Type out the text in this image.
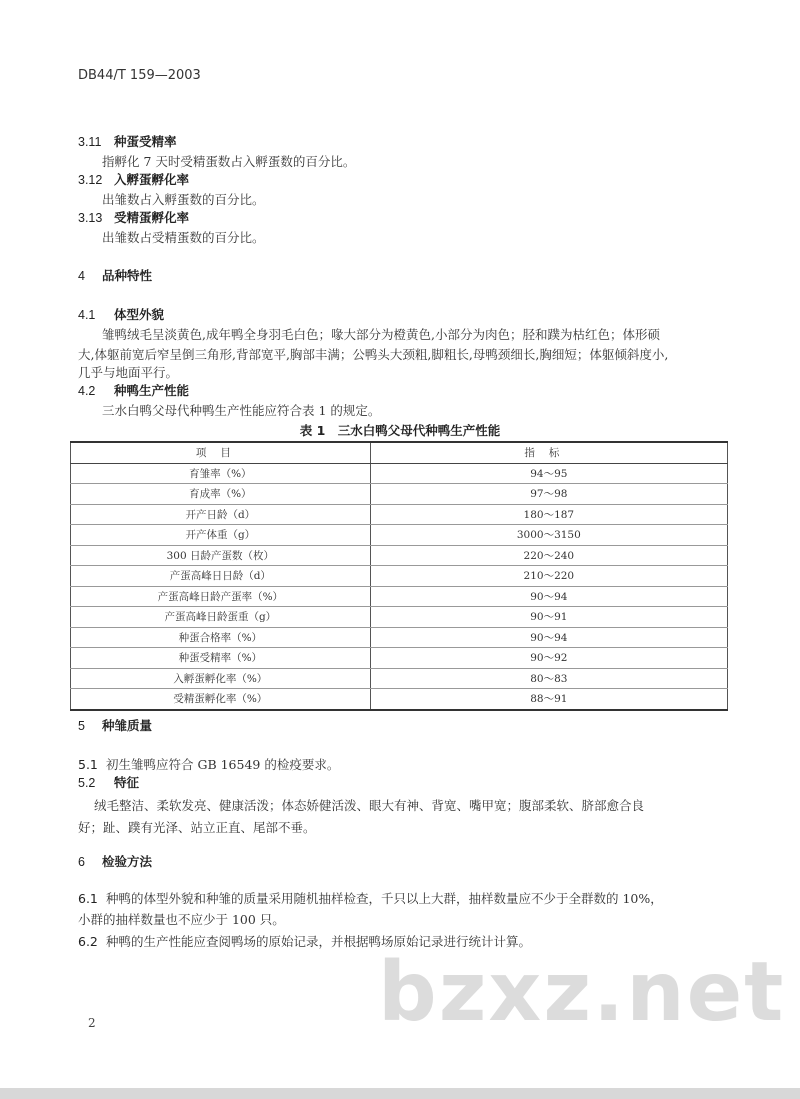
DB44/T 159—2003
3.11 种蛋受精率
指孵化 7 天时受精蛋数占入孵蛋数的百分比。
3.12 入孵蛋孵化率
出雏数占入孵蛋数的百分比。
3.13 受精蛋孵化率
出雏数占受精蛋数的百分比。
4 品种特性
4.1 体型外貌
雏鸭绒毛呈淡黄色,成年鸭全身羽毛白色；喙大部分为橙黄色,小部分为肉色；胫和蹼为枯红色；体形硕
大,体躯前宽后窄呈倒三角形,背部宽平,胸部丰满；公鸭头大颈粗,脚粗长,母鸭颈细长,胸细短；体躯倾斜度小,
几乎与地面平行。
4.2 种鸭生产性能
三水白鸭父母代种鸭生产性能应符合表 1 的规定。
表 1　三水白鸭父母代种鸭生产性能
项目	指标
育雏率（%）	94～95
育成率（%）	97～98
开产日龄（d）	180～187
开产体重（g）	3000～3150
300 日龄产蛋数（枚）	220～240
产蛋高峰日日龄（d）	210～220
产蛋高峰日龄产蛋率（%）	90～94
产蛋高峰日龄蛋重（g）	90～91
种蛋合格率（%）	90～94
种蛋受精率（%）	90～92
入孵蛋孵化率（%）	80～83
受精蛋孵化率（%）	88～91
5 种雏质量
5.1 初生雏鸭应符合 GB 16549 的检疫要求。
5.2 特征
绒毛整洁、柔软发亮、健康活泼；体态娇健活泼、眼大有神、背宽、嘴甲宽；腹部柔软、脐部愈合良
好；趾、蹼有光泽、站立正直、尾部不垂。
6 检验方法
6.1 种鸭的体型外貌和种雏的质量采用随机抽样检查，千只以上大群，抽样数量应不少于全群数的 10%，
小群的抽样数量也不应少于 100 只。
6.2 种鸭的生产性能应查阅鸭场的原始记录，并根据鸭场原始记录进行统计计算。
bzxz.net
2
